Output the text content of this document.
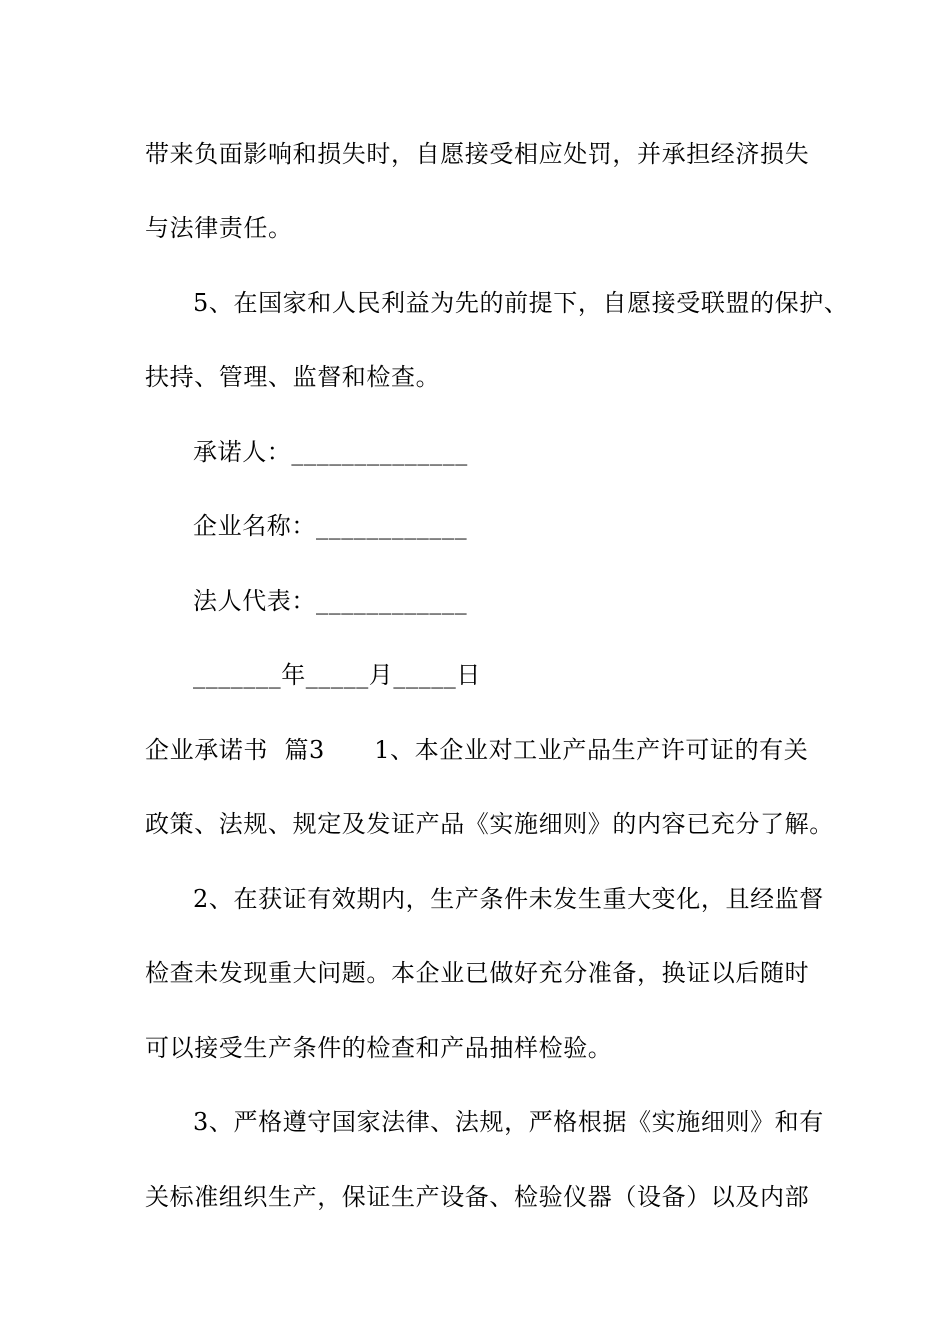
带来负面影响和损失时，自愿接受相应处罚，并承担经济损失
与法律责任。
5、在国家和人民利益为先的前提下，自愿接受联盟的保护、
扶持、管理、监督和检查。
承诺人：______________
企业名称：____________
法人代表：____________
_______年_____月_____日
企业承诺书  篇3      1、本企业对工业产品生产许可证的有关
政策、法规、规定及发证产品《实施细则》的内容已充分了解。
2、在获证有效期内，生产条件未发生重大变化，且经监督
检查未发现重大问题。本企业已做好充分准备，换证以后随时
可以接受生产条件的检查和产品抽样检验。
3、严格遵守国家法律、法规，严格根据《实施细则》和有
关标准组织生产，保证生产设备、检验仪器（设备）以及内部
